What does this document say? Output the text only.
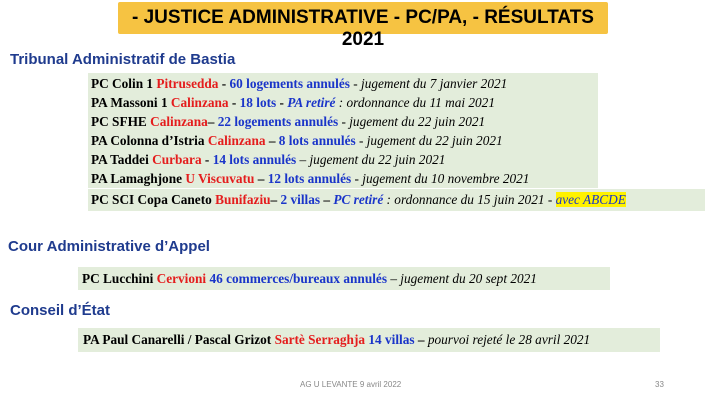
- JUSTICE ADMINISTRATIVE - PC/PA, - RÉSULTATS 2021
Tribunal Administratif de Bastia
PC Colin 1 Pitrusedda - 60 logements annulés - jugement du 7 janvier 2021
PA Massoni 1 Calinzana - 18 lots - PA retiré : ordonnance du 11 mai 2021
PC SFHE Calinzana– 22 logements annulés - jugement du 22 juin 2021
PA Colonna d’Istria Calinzana – 8 lots annulés - jugement du 22 juin 2021
PA Taddei Curbara - 14 lots annulés – jugement du 22 juin 2021
PA Lamaghjone U Viscuvatu – 12 lots annulés - jugement du 10 novembre 2021
PC SCI Copa Caneto Bunifaziu– 2 villas – PC retiré : ordonnance du 15 juin 2021 - avec ABCDE
Cour Administrative d’Appel
PC Lucchini Cervioni 46 commerces/bureaux annulés – jugement du 20 sept 2021
Conseil d’État
PA Paul Canarelli / Pascal Grizot Sartè Serraghja 14 villas – pourvoi rejeté le 28 avril 2021
AG U LEVANTE 9 avril 2022	33
